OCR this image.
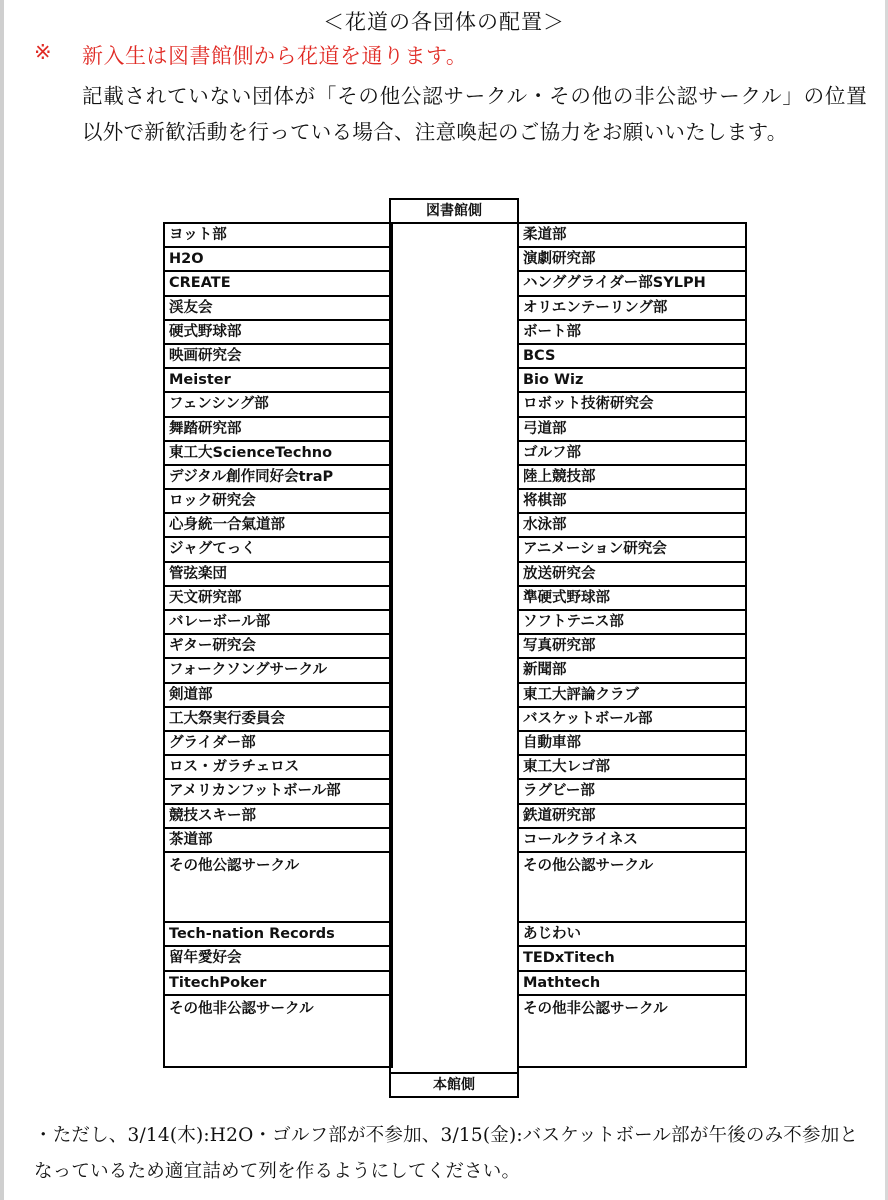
＜花道の各団体の配置＞
※ 新入生は図書館側から花道を通ります。
記載されていない団体が「その他公認サークル・その他の非公認サークル」の位置以外で新歓活動を行っている場合、注意喚起のご協力をお願いいたします。
図書館側
本館側
ヨット部
H2O
CREATE
渓友会
硬式野球部
映画研究会
Meister
フェンシング部
舞踏研究部
東工大ScienceTechno
デジタル創作同好会traP
ロック研究会
心身統一合氣道部
ジャグてっく
管弦楽団
天文研究部
バレーボール部
ギター研究会
フォークソングサークル
剣道部
工大祭実行委員会
グライダー部
ロス・ガラチェロス
アメリカンフットボール部
競技スキー部
茶道部
その他公認サークル
Tech-nation Records
留年愛好会
TitechPoker
その他非公認サークル
柔道部
演劇研究部
ハンググライダー部SYLPH
オリエンテーリング部
ボート部
BCS
Bio Wiz
ロボット技術研究会
弓道部
ゴルフ部
陸上競技部
将棋部
水泳部
アニメーション研究会
放送研究会
準硬式野球部
ソフトテニス部
写真研究部
新聞部
東工大評論クラブ
バスケットボール部
自動車部
東工大レゴ部
ラグビー部
鉄道研究部
コールクライネス
その他公認サークル
あじわい
TEDxTitech
Mathtech
その他非公認サークル
・ただし、3/14(木):H2O・ゴルフ部が不参加、3/15(金):バスケットボール部が午後のみ不参加となっているため適宜詰めて列を作るようにしてください。
